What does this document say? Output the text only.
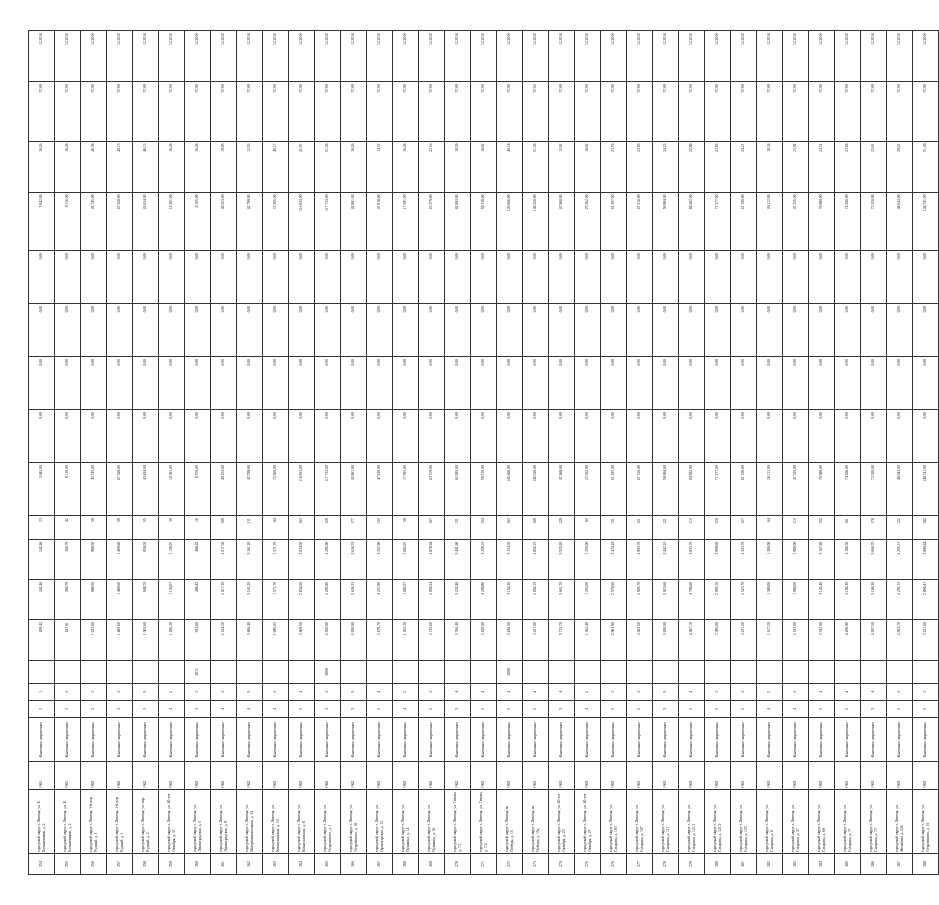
254	городской округ г. Липецк, ул. Е. Большевиков, д. 2	1961	Каменные, кирпичные	2	1		209,42	242,46	242,46	23	3 942,00	0,00	0,00	0,00	0,00	3 942,00	16,26	57,00	12.2016
255	городской округ г. Липецк, ул. Е. Большевиков, д. 2	1961	Каменные, кирпичные	2	3		423,91	360,79	360,79	42	9 116,00	0,00	0,00	0,00	0,00	9 116,00	16,26	57,00	12.2016
256	городской округ г. Липецк, 1-й пер. Рудный, д. 1	1962	Каменные, кирпичные	2	3		1 023,80	988,50	988,50	59	45 745,00	0,00	0,00	0,00	0,00	45 745,00	46,38	57,00	12.2016
257	городской округ г. Липецк, 1-й пер. Рудный, д. 1	1962	Каменные, кирпичные	3	3		1 465,60	1 469,60	1 469,60	59	67 528,00	0,00	0,00	0,00	0,00	67 528,00	46,13	57,00	12.2016
258	городской округ г. Липецк, ул. пер. Рудный, д. 2	1962	Каменные, кирпичные	3	3		1 003,60	948,70	959,02	55	43 634,00	0,00	0,00	0,00	0,00	43 634,00	46,13	57,00	12.2016
259	городской округ г. Липецк, ул. 40 лет Октября, д. 37	1962	Каменные, кирпичные	4	2		1 286,30	1 130,07	1 130,07	39	18 381,00	0,00	0,00	0,00	0,00	18 381,00	16,26	57,00	12.2016
260	городской округ г. Липецк, ул. Ленинградская, д. 5	1962	Каменные, кирпичные	3	3	2011	553,80	498,42	498,42	16	8 105,00	0,00	0,00	0,00	0,00	8 105,00	16,26	57,00	12.2016
261	городской округ г. Липецк, ул. Ленинградская, д. 9	1962	Каменные, кирпичные	4	3		2 164,20	2 017,30	2 017,30	109	40 253,00	0,00	0,00	0,00	0,00	40 253,00	19,95	57,00	12.2016
262	городской округ г. Липецк, ул. Интернациональная, д. 33	1962	Каменные, кирпичные	4	3		3 406,40	3 161,20	3 161,20	111	42 799,00	0,00	0,00	0,00	0,00	42 799,00	13,53	57,00	12.2016
263	городской округ г. Липецк, ул. Коммунальная, д. 10	1962	Каменные, кирпичные	4	3		1 695,63	1 571,70	1 571,70	84	72 565,00	0,00	0,00	0,00	0,00	72 565,00	46,17	57,00	12.2016
264	городской округ г. Липецк, ул. Коммунальная, д. 8	1962	Каменные, кирпичные	5	4		3 409,50	2 834,50	2 834,50	163	116 833,00	0,00	0,00	0,00	0,00	116 833,00	41,07	57,00	12.2016
265	городской округ г. Липецк, ул. Островского, д. 1	1962	Каменные, кирпичные	3	3	2009	2 550,00	2 295,90	2 295,90	129	117 733,00	0,00	0,00	0,00	0,00	117 733,00	51,30	57,00	12.2016
266	городской округ г. Липецк, ул. Островского, д. 16	1962	Каменные, кирпичные	5	3		2 920,90	2 636,33	2 636,33	177	42 861,00	0,00	0,00	0,00	0,00	42 861,00	16,26	57,00	12.2016
267	городской округ г. Липецк, ул. Пролетарская, д. 12	1962	Каменные, кирпичные	5	4		3 479,70	3 257,90	3 257,90	135	47 818,00	0,00	0,00	0,00	0,00	47 818,00	14,37	57,00	12.2016
268	городской округ г. Липецк, ул. Пушкина, д. 14	1962	Каменные, кирпичные	4	2		1 202,30	1 082,07	1 082,07	59	17 591,00	0,00	0,00	0,00	0,00	17 591,00	16,26	57,00	12.2016
269	городской округ г. Липецк, ул. Пушкина, д. 16	1962	Каменные, кирпичные	5	3		3 135,60	2 859,24	2 878,04	167	63 379,00	0,00	0,00	0,00	0,00	63 379,00	22,16	57,00	12.2016
270	городской округ г. Липецк, ул. Титова, д. 7/1	1962	Каменные, кирпичные	5	4		3 766,40	3 232,40	3 441,90	131	62 093,00	0,00	0,00	0,00	0,00	62 093,00	18,39	57,00	12.2016
271	городской округ г. Липецк, ул. Титова, д. 7/2	1962	Каменные, кирпичные	5	4		3 420,00	3 209,80	3 259,10	154	59 318,00	0,00	0,00	0,00	0,00	59 318,00	18,62	57,00	12.2016
272	городской округ г. Липецк, ш. Победы, д. 15	1963	Каменные, кирпичные	5	4	2008	3 436,50	3 154,30	3 154,30	163	145 666,00	0,00	0,00	0,00	0,00	145 666,00	46,18	57,00	12.2016
273	городской округ г. Липецк, ш. Победы, д. 15а	1963	Каменные, кирпичные	5	4		3 411,00	2 856,15	2 856,15	169	146 520,00	0,00	0,00	0,00	0,00	146 520,00	51,30	57,02	12.2016
274	городской округ г. Липецк, ул. 40 лет Октября, д. 23	1963	Каменные, кирпичные	5	4		5 715,70	3 661,70	3 555,20	129	47 968,00	0,00	0,00	0,00	0,00	47 968,00	12,92	57,00	12.2016
275	городской округ г. Липецк, ул. 40 лет Октября, д. 27	1963	Каменные, кирпичные	4	2		1 362,40	1 255,00	1 255,00	65	23 362,00	0,00	0,00	0,00	0,00	23 362,00	18,62	57,00	12.2016
276	городской округ г. Липецк, ул. Гагарина, д. 103	1963	Каменные, кирпичные	5	3		2 963,90	2 579,60	2 474,43	131	61 297,00	0,00	0,00	0,00	0,00	61 297,00	23,76	57,00	12.2016
277	городской округ г. Липецк, ул. Гагарина, д. 107	1963	Каменные, кирпичные	5	3		3 363,50	2 903,70	2 903,70	121	67 316,00	0,00	0,00	0,00	0,00	67 316,00	23,93	57,00	12.2016
278	городской округ г. Липецк, ул. Гагарина, д. 117	1963	Каменные, кирпичные	5	3		3 200,00	2 915,60	2 442,10	121	59 994,00	0,00	0,00	0,00	0,00	59 994,00	24,23	57,00	12.2016
279	городской округ г. Липецк, ул. Гагарина, д. 121/1	1963	Каменные, кирпичные	5	4		4 367,10	3 790,60	3 833,70	115	84 582,00	0,00	0,00	0,00	0,00	84 582,00	22,88	57,00	12.2016
280	городской округ г. Липецк, ул. Гагарина, д. 121/2	1963	Каменные, кирпичные	5	3		3 385,00	2 993,10	2 999,60	120	71 277,00	0,00	0,00	0,00	0,00	71 277,00	23,83	57,00	12.2016
281	городской округ г. Липецк, ул. Гагарина, д. 123	1963	Каменные, кирпичные	5	3		3 231,20	2 523,70	2 523,70	127	61 100,00	0,00	0,00	0,00	0,00	61 100,00	24,21	57,09	12.2016
282	городской округ г. Липецк, ул. Гагарина, д. 8	1963	Каменные, кирпичные	4	2		1 417,20	1 380,00	1 380,00	64	26 112,00	0,00	0,00	0,00	0,00	26 112,00	18,34	57,00	12.2016
283	городской округ г. Липецк, ул. Гагарина, д. 37	1963	Каменные, кирпичные	4	3		2 163,00	1 980,00	1 980,00	115	47 325,00	0,00	0,00	0,00	0,00	47 325,00	23,92	57,00	12.2016
284	городской округ г. Липецк, ул. Гагарина, д. 69	1963	Каменные, кирпичные	5	4		3 762,90	3 142,40	3 167,60	152	76 989,00	0,00	0,00	0,00	0,00	76 989,00	24,31	57,00	12.2016
285	городской округ г. Липецк, ул. Гагарина, д. 71	1963	Каменные, кирпичные	5	4		4 206,90	3 186,30	3 186,30	161	74 266,00	0,00	0,00	0,00	0,00	74 266,00	23,69	57,00	12.2016
286	городской округ г. Липецк, ул. Гагарина, д. 73	1963	Каменные, кирпичные	5	4		4 297,50	3 186,30	3 066,70	178	73 320,00	0,00	0,00	0,00	0,00	73 320,00	23,01	57,00	12.2016
287	городской округ г. Липецк, ул. Желябова, д. 22б	1963	Каменные, кирпичные	5	3		2 503,70	2 255,13	2 255,13	122	48 643,00	0,00	0,00	0,00	0,00	48 643,00	20,61	57,00	12.2016
288	городской округ г. Липецк, ул. Островского, д. 15	1963	Каменные, кирпичные	5	3		3 221,00	2 890,41	2 899,44	182	148 741,00	0,00	0,00	0,00	0,00	148 741,00	51,30	57,00	12.2016
